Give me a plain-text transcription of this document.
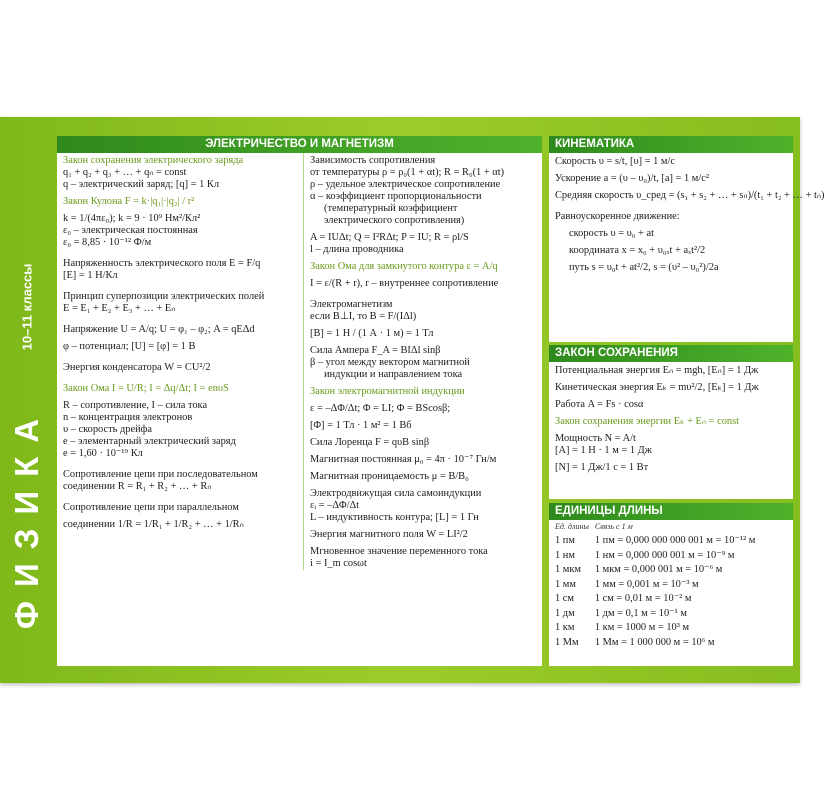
10–11 классы
ФИЗИКА
ЭЛЕКТРИЧЕСТВО И МАГНЕТИЗМ
Закон сохранения электрического заряда
q₁ + q₂ + q₃ + … + qₙ = const
q – электрический заряд; [q] = 1 Кл
Закон Кулона F = k·|q₁|·|q₂| / r²
k = 1/(4πε₀); k = 9 · 10⁹ Нм²/Кл²
ε₀ – электрическая постоянная
ε₀ = 8,85 · 10⁻¹² Ф/м
Напряженность электрического поля E = F/q
[E] = 1 Н/Кл
Принцип суперпозиции электрических полей
E = E₁ + E₂ + E₃ + … + Eₙ
Напряжение U = A/q; U = φ₁ – φ₂; A = qEΔd
φ – потенциал; [U] = [φ] = 1 В
Энергия конденсатора W = CU²/2
Закон Ома I = U/R; I = Δq/Δt; I = enυS
R – сопротивление, I – сила тока
n – концентрация электронов
υ – скорость дрейфа
e – элементарный электрический заряд
e = 1,60 · 10⁻¹⁹ Кл
Сопротивление цепи при последовательном
соединении R = R₁ + R₂ + … + Rₙ
Сопротивление цепи при параллельном
соединении 1/R = 1/R₁ + 1/R₂ + … + 1/Rₙ
Зависимость сопротивления
от температуры ρ = ρ₀(1 + αt); R = R₀(1 + αt)
ρ – удельное электрическое сопротивление
α – коэффициент пропорциональности
(температурный коэффициент
электрического сопротивления)
A = IUΔt; Q = I²RΔt; P = IU; R = ρl/S
l – длина проводника
Закон Ома для замкнутого контура ε = A/q
I = ε/(R + r), r – внутреннее сопротивление
Электромагнетизм
если B⊥I, то B = F/(IΔl)
[B] = 1 Н / (1 А · 1 м) = 1 Тл
Сила Ампера F_A = BIΔl sinβ
β – угол между вектором магнитной
индукции и направлением тока
Закон электромагнитной индукции
ε = –ΔΦ/Δt; Φ = LI; Φ = BScosβ;
[Φ] = 1 Тл · 1 м² = 1 Вб
Сила Лоренца F = qυB sinβ
Магнитная постоянная μ₀ = 4π · 10⁻⁷ Гн/м
Магнитная проницаемость μ = B/B₀
Электродвижущая сила самоиндукции
εᵢ = –ΔΦ/Δt
L – индуктивность контура; [L] = 1 Гн
Энергия магнитного поля W = LI²/2
Мгновенное значение переменного тока
i = I_m cosωt
КИНЕМАТИКА
Скорость υ = s/t, [υ] = 1 м/с
Ускорение a = (υ – υ₀)/t, [a] = 1 м/с²
Средняя скорость υ_сред = (s₁ + s₂ + … + sₙ)/(t₁ + t₂ + … + tₙ)
Равноускоренное движение:
скорость υ = υ₀ + at
координата x = x₀ + υ₀ₓt + aₓt²/2
путь s = υ₀t + at²/2, s = (υ² – υ₀²)/2a
ЗАКОН СОХРАНЕНИЯ
Потенциальная энергия Eₙ = mgh, [Eₙ] = 1 Дж
Кинетическая энергия Eₖ = mυ²/2, [Eₖ] = 1 Дж
Работа A = Fs · cosα
Закон сохранения энергии Eₖ + Eₙ = const
Мощность N = A/t
[A] = 1 Н · 1 м = 1 Дж
[N] = 1 Дж/1 с = 1 Вт
ЕДИНИЦЫ ДЛИНЫ
Ед. длины	Связь с 1 м
1 пм	1 пм = 0,000 000 000 001 м = 10⁻¹² м
1 нм	1 нм = 0,000 000 001 м = 10⁻⁹ м
1 мкм	1 мкм = 0,000 001 м = 10⁻⁶ м
1 мм	1 мм = 0,001 м = 10⁻³ м
1 см	1 см = 0,01 м = 10⁻² м
1 дм	1 дм = 0,1 м = 10⁻¹ м
1 км	1 км = 1000 м = 10³ м
1 Мм	1 Мм = 1 000 000 м = 10⁶ м
